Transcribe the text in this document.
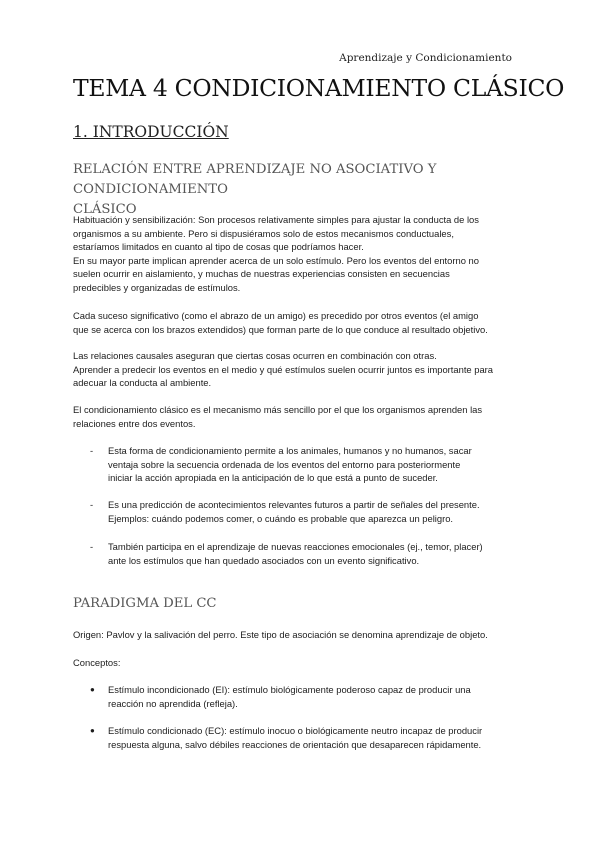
Aprendizaje y Condicionamiento
TEMA 4 CONDICIONAMIENTO CLÁSICO
1. INTRODUCCIÓN
RELACIÓN ENTRE APRENDIZAJE NO ASOCIATIVO Y CONDICIONAMIENTO
CLÁSICO

Habituación y sensibilización: Son procesos relativamente simples para ajustar la conducta de los
organismos a su ambiente. Pero si dispusiéramos solo de estos mecanismos conductuales,
estaríamos limitados en cuanto al tipo de cosas que podríamos hacer.
En su mayor parte implican aprender acerca de un solo estímulo. Pero los eventos del entorno no
suelen ocurrir en aislamiento, y muchas de nuestras experiencias consisten en secuencias
predecibles y organizadas de estímulos.

Cada suceso significativo (como el abrazo de un amigo) es precedido por otros eventos (el amigo
que se acerca con los brazos extendidos) que forman parte de lo que conduce al resultado objetivo.

Las relaciones causales aseguran que ciertas cosas ocurren en combinación con otras.
Aprender a predecir los eventos en el medio y qué estímulos suelen ocurrir juntos es importante para
adecuar la conducta al ambiente.

El condicionamiento clásico es el mecanismo más sencillo por el que los organismos aprenden las
relaciones entre dos eventos.

- Esta forma de condicionamiento permite a los animales, humanos y no humanos, sacar
ventaja sobre la secuencia ordenada de los eventos del entorno para posteriormente
iniciar la acción apropiada en la anticipación de lo que está a punto de suceder.
- Es una predicción de acontecimientos relevantes futuros a partir de señales del presente.
Ejemplos: cuándo podemos comer, o cuándo es probable que aparezca un peligro.
- También participa en el aprendizaje de nuevas reacciones emocionales (ej., temor, placer)
ante los estímulos que han quedado asociados con un evento significativo.
PARADIGMA DEL CC

Origen: Pavlov y la salivación del perro. Este tipo de asociación se denomina aprendizaje de objeto.

Conceptos:

● Estímulo incondicionado (EI): estímulo biológicamente poderoso capaz de producir una
reacción no aprendida (refleja).
● Estímulo condicionado (EC): estímulo inocuo o biológicamente neutro incapaz de producir
respuesta alguna, salvo débiles reacciones de orientación que desaparecen rápidamente.
